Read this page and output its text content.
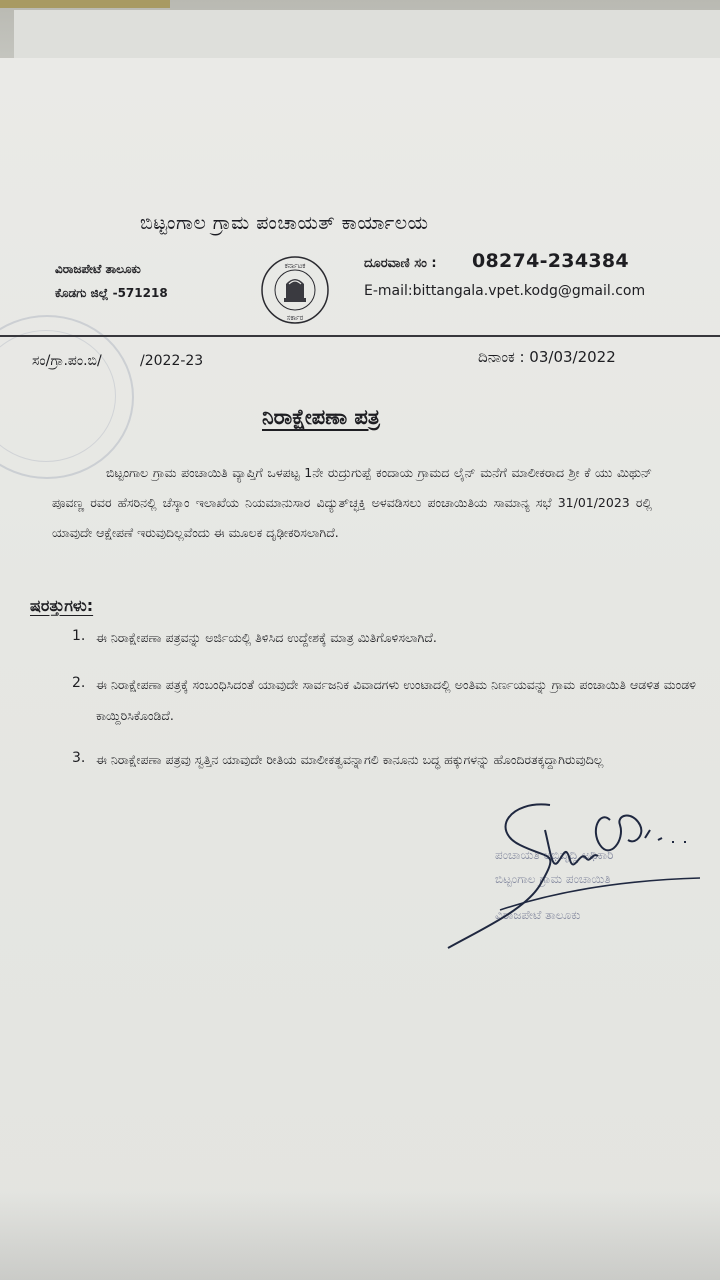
ಬಿಟ್ಟಂಗಾಲ ಗ್ರಾಮ ಪಂಚಾಯತ್ ಕಾರ್ಯಾಲಯ
ವಿರಾಜಪೇಟೆ ತಾಲೂಕು
ಕೊಡಗು ಜಿಲ್ಲೆ -571218
ಕರ್ನಾಟಕ
ಸರ್ಕಾರ
ದೂರವಾಣಿ ಸಂ : 08274-234384
E-mail:bittangala.vpet.kodg@gmail.com
ಸಂ/ಗ್ರಾ.ಪಂ.ಬಿ/	/2022-23	ದಿನಾಂಕ : 03/03/2022
ನಿರಾಕ್ಷೇಪಣಾ ಪತ್ರ
ಬಿಟ್ಟಂಗಾಲ ಗ್ರಾಮ ಪಂಚಾಯಿತಿ ವ್ಯಾಪ್ತಿಗೆ ಒಳಪಟ್ಟ 1ನೇ ರುದ್ರುಗುಪ್ಪೆ ಕಂದಾಯ ಗ್ರಾಮದ ಲೈನ್ ಮನೆಗೆ ಮಾಲೀಕರಾದ ಶ್ರೀ ಕೆ ಯು ಮಿಥುನ್ ಪೂವಣ್ಣ ರವರ ಹೆಸರಿನಲ್ಲಿ ಚೆಸ್ಕಾಂ ಇಲಾಖೆಯ ನಿಯಮಾನುಸಾರ ವಿದ್ಯುತ್‌ಚ್ಛಕ್ತಿ ಅಳವಡಿಸಲು ಪಂಚಾಯಿತಿಯ ಸಾಮಾನ್ಯ ಸಭೆ 31/01/2023 ರಲ್ಲಿ ಯಾವುದೇ ಆಕ್ಷೇಪಣೆ ಇರುವುದಿಲ್ಲವೆಂದು ಈ ಮೂಲಕ ದೃಢೀಕರಿಸಲಾಗಿದೆ.
ಷರತ್ತುಗಳು:
1. ಈ ನಿರಾಕ್ಷೇಪಣಾ ಪತ್ರವನ್ನು ಅರ್ಜಿಯಲ್ಲಿ ತಿಳಿಸಿದ ಉದ್ದೇಶಕ್ಕೆ ಮಾತ್ರ ಮಿತಿಗೊಳಿಸಲಾಗಿದೆ.
2. ಈ ನಿರಾಕ್ಷೇಪಣಾ ಪತ್ರಕ್ಕೆ ಸಂಬಂಧಿಸಿದಂತೆ ಯಾವುದೇ ಸಾರ್ವಜನಿಕ ವಿವಾದಗಳು ಉಂಟಾದಲ್ಲಿ ಅಂತಿಮ ನಿರ್ಣಯವನ್ನು ಗ್ರಾಮ ಪಂಚಾಯಿತಿ ಆಡಳಿತ ಮಂಡಳಿ ಕಾಯ್ದಿರಿಸಿಕೊಂಡಿದೆ.
3. ಈ ನಿರಾಕ್ಷೇಪಣಾ ಪತ್ರವು ಸ್ವತ್ತಿನ ಯಾವುದೇ ರೀತಿಯ ಮಾಲೀಕತ್ವವನ್ನಾಗಲಿ ಕಾನೂನು ಬದ್ಧ ಹಕ್ಕುಗಳನ್ನು ಹೊಂದಿರತಕ್ಕದ್ದಾಗಿರುವುದಿಲ್ಲ
ಪಂಚಾಯತಿ ಅಭಿವೃದ್ಧಿ ಅಧಿಕಾರಿ
ಬಿಟ್ಟಂಗಾಲ ಗ್ರಾಮ ಪಂಚಾಯಿತಿ
ವಿರಾಜಪೇಟೆ ತಾಲೂಕು
